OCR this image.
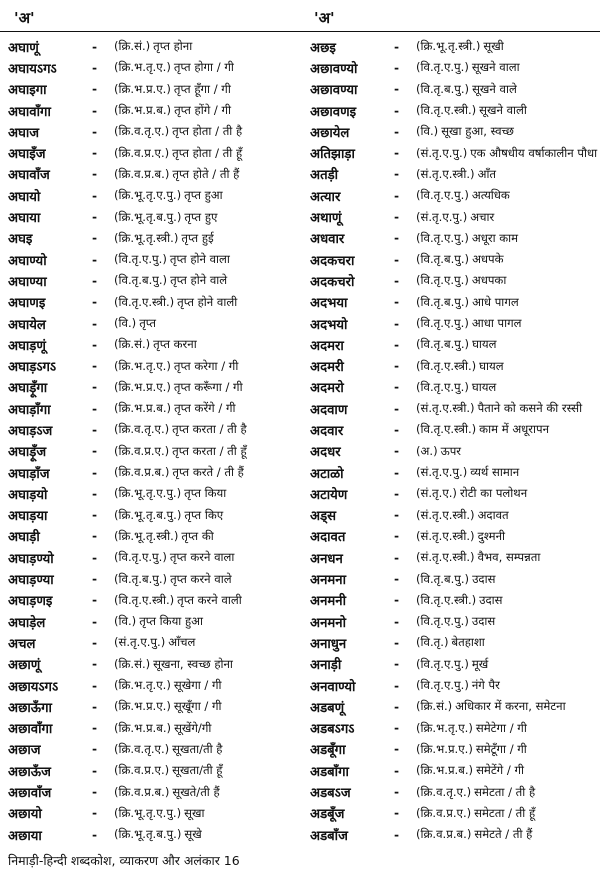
'अ'	'अ'
अघाणूं	-	(क्रि.सं.) तृप्त होना
अघायऽगऽ	-	(क्रि.भ.तृ.ए.) तृप्त होगा / गी
अघाइगा	-	(क्रि.भ.प्र.ए.) तृप्त हूँगा / गी
अघावाँगा	-	(क्रि.भ.प्र.ब.) तृप्त होंगे / गी
अघाज	-	(क्रि.व.तृ.ए.) तृप्त होता / ती है
अघाइँज	-	(क्रि.व.प्र.ए.) तृप्त होता / ती हूँ
अघावाँज	-	(क्रि.व.प्र.ब.) तृप्त होते / ती हैं
अघायो	-	(क्रि.भू.तृ.ए.पु.) तृप्त हुआ
अघाया	-	(क्रि.भू.तृ.ब.पु.) तृप्त हुए
अघइ	-	(क्रि.भू.तृ.स्त्री.) तृप्त हुई
अघाण्यो	-	(वि.तृ.ए.पु.) तृप्त होने वाला
अघाण्या	-	(वि.तृ.ब.पु.) तृप्त होने वाले
अघाणइ	-	(वि.तृ.ए.स्त्री.) तृप्त होने वाली
अघायेल	-	(वि.) तृप्त
अघाड़णूं	-	(क्रि.सं.) तृप्त करना
अघाड़ऽगऽ	-	(क्रि.भ.तृ.ए.) तृप्त करेगा / गी
अघाड़ूँगा	-	(क्रि.भ.प्र.ए.) तृप्त करूँगा / गी
अघाड़ाँगा	-	(क्रि.भ.प्र.ब.) तृप्त करेंगे / गी
अघाड़ऽज	-	(क्रि.व.तृ.ए.) तृप्त करता / ती है
अघाड़ूँज	-	(क्रि.व.प्र.ए.) तृप्त करता / ती हूँ
अघाड़ाँज	-	(क्रि.व.प्र.ब.) तृप्त करते / ती हैं
अघाड़यो	-	(क्रि.भू.तृ.ए.पु.) तृप्त किया
अघाड़या	-	(क्रि.भू.तृ.ब.पु.) तृप्त किए
अघाड़ी	-	(क्रि.भू.तृ.स्त्री.) तृप्त की
अघाड़ण्यो	-	(वि.तृ.ए.पु.) तृप्त करने वाला
अघाड़ण्या	-	(वि.तृ.ब.पु.) तृप्त करने वाले
अघाड़णइ	-	(वि.तृ.ए.स्त्री.) तृप्त करने वाली
अघाड़ेल	-	(वि.) तृप्त किया हुआ
अचल	-	(सं.तृ.ए.पु.) आँचल
अछाणूं	-	(क्रि.सं.) सूखना, स्वच्छ होना
अछायऽगऽ	-	(क्रि.भ.तृ.ए.) सूखेगा / गी
अछाऊँगा	-	(क्रि.भ.प्र.ए.) सूखूँगा / गी
अछावाँगा	-	(क्रि.भ.प्र.ब.) सूखेंगे/गी
अछाज	-	(क्रि.व.तृ.ए.) सूखता/ती है
अछाऊँज	-	(क्रि.व.प्र.ए.) सूखता/ती हूँ
अछावाँज	-	(क्रि.व.प्र.ब.) सूखते/ती हैं
अछायो	-	(क्रि.भू.तृ.ए.पु.) सूखा
अछाया	-	(क्रि.भू.तृ.ब.पु.) सूखे
अछइ	-	(क्रि.भू.तृ.स्त्री.) सूखी
अछावण्यो	-	(वि.तृ.ए.पु.) सूखने वाला
अछावण्या	-	(वि.तृ.ब.पु.) सूखने वाले
अछावणइ	-	(वि.तृ.ए.स्त्री.) सूखने वाली
अछायेल	-	(वि.) सूखा हुआ, स्वच्छ
अतिझाड़ा	-	(सं.तृ.ए.पु.) एक औषधीय वर्षाकालीन पौधा
अतड़ी	-	(सं.तृ.ए.स्त्री.) आँत
अत्यार	-	(वि.तृ.ए.पु.) अत्यधिक
अथाणूं	-	(सं.तृ.ए.पु.) अचार
अधवार	-	(वि.तृ.ए.पु.) अधूरा काम
अदकचरा	-	(वि.तृ.ब.पु.) अधपके
अदकचरो	-	(वि.तृ.ए.पु.) अधपका
अदभया	-	(वि.तृ.ब.पु.) आधे पागल
अदभयो	-	(वि.तृ.ए.पु.) आधा पागल
अदमरा	-	(वि.तृ.ब.पु.) घायल
अदमरी	-	(वि.तृ.ए.स्त्री.) घायल
अदमरो	-	(वि.तृ.ए.पु.) घायल
अदवाण	-	(सं.तृ.ए.स्त्री.) पैताने को कसने की रस्सी
अदवार	-	(वि.तृ.ए.स्त्री.) काम में अधूरापन
अदधर	-	(अ.) ऊपर
अटाळो	-	(सं.तृ.ए.पु.) व्यर्थ सामान
अटायेण	-	(सं.तृ.ए.) रोटी का पलोथन
अड्स	-	(सं.तृ.ए.स्त्री.) अदावत
अदावत	-	(सं.तृ.ए.स्त्री.) दुश्मनी
अनधन	-	(सं.तृ.ए.स्त्री.) वैभव, सम्पन्नता
अनमना	-	(वि.तृ.ब.पु.) उदास
अनमनी	-	(वि.तृ.ए.स्त्री.) उदास
अनमनो	-	(वि.तृ.ए.पु.) उदास
अनाधुन	-	(वि.तृ.) बेतहाशा
अनाड़ी	-	(वि.तृ.ए.पु.) मूर्ख
अनवाण्यो	-	(वि.तृ.ए.पु.) नंगे पैर
अडबणूं	-	(क्रि.सं.) अधिकार में करना, समेटना
अडबऽगऽ	-	(क्रि.भ.तृ.ए.) समेटेगा / गी
अडबूँगा	-	(क्रि.भ.प्र.ए.) समेटूँगा / गी
अडबाँगा	-	(क्रि.भ.प्र.ब.) समेटेंगे / गी
अडबऽज	-	(क्रि.व.तृ.ए.) समेटता / ती है
अडबूँज	-	(क्रि.व.प्र.ए.) समेटता / ती हूँ
अडबाँज	-	(क्रि.व.प्र.ब.) समेटते / ती हैं
निमाड़ी-हिन्दी शब्दकोश, व्याकरण और अलंकार 16
